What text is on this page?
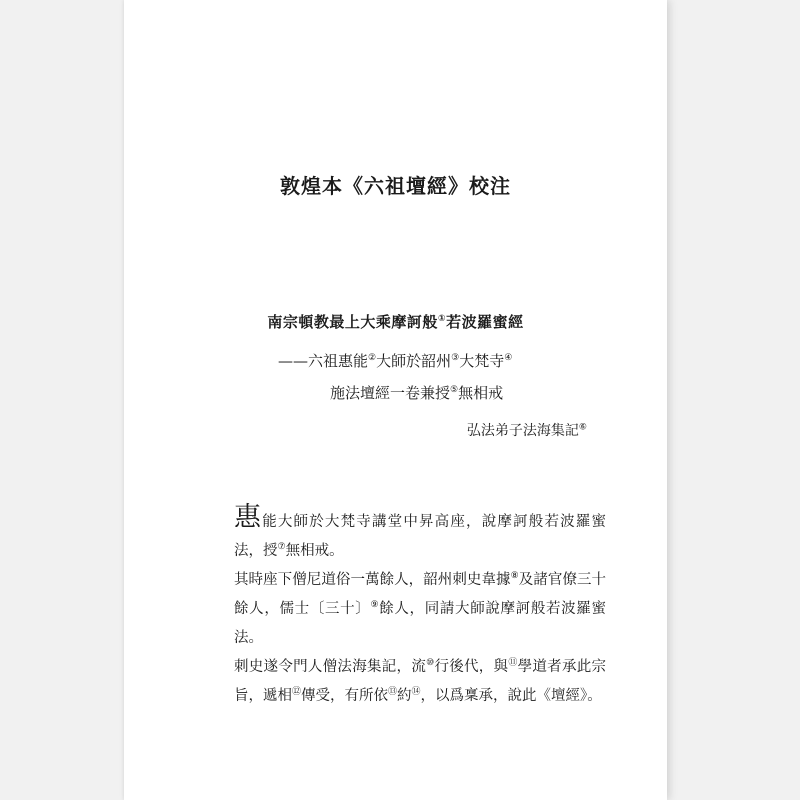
敦煌本《六祖壇經》校注
南宗頓教最上大乘摩訶般①若波羅蜜經
——六祖惠能②大師於韶州③大梵寺④
施法壇經一卷兼授⑤無相戒
弘法弟子法海集記⑥

惠能大師於大梵寺講堂中昇高座，說摩訶般若波羅蜜法，授⑦無相戒。

其時座下僧尼道俗一萬餘人，韶州刺史韋據⑧及諸官僚三十餘人，儒士〔三十〕⑨餘人，同請大師說摩訶般若波羅蜜法。

刺史遂令門人僧法海集記，流⑩行後代，與⑪學道者承此宗旨，遞相⑫傳受，有所依⑬約⑭，以爲稟承，說此《壇經》。
